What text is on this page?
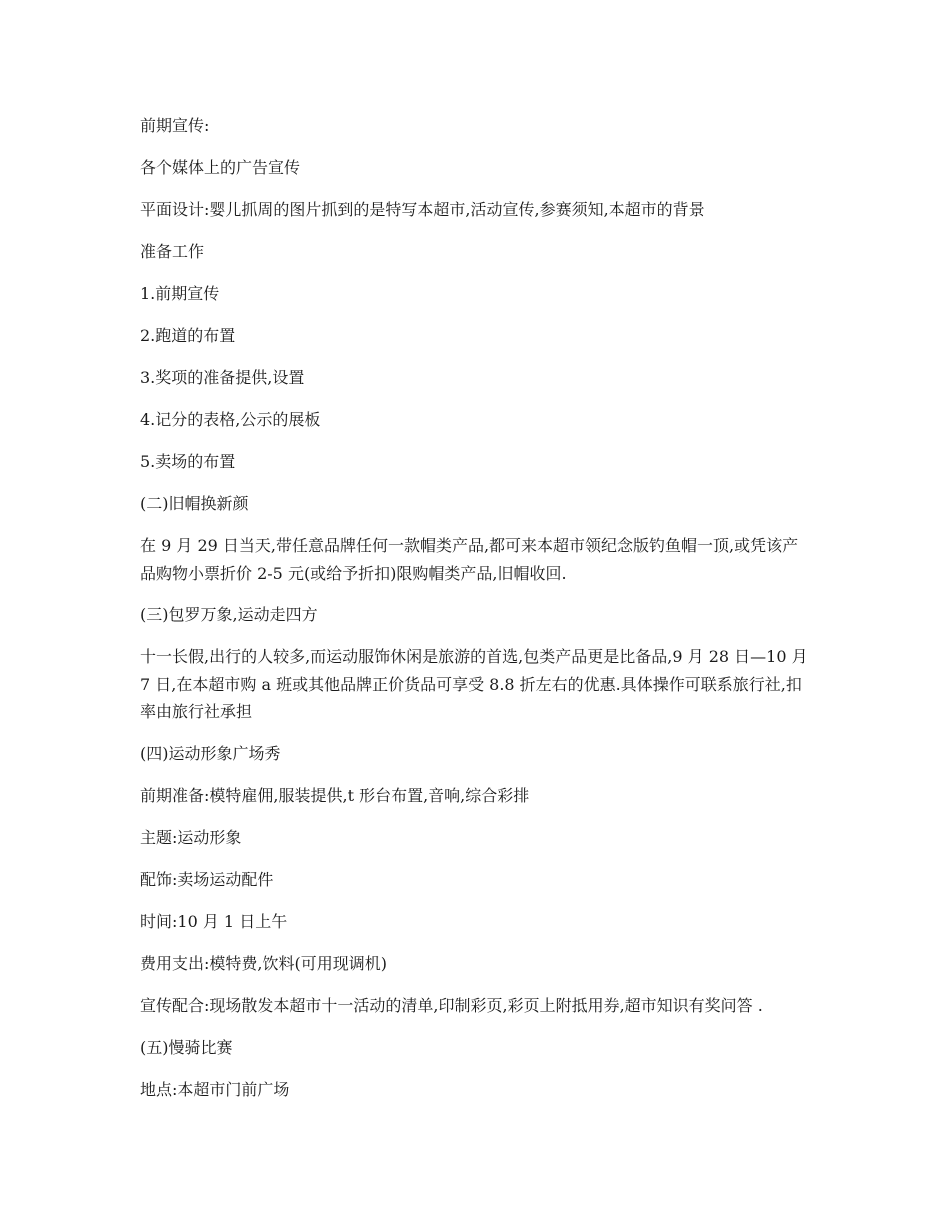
前期宣传:

各个媒体上的广告宣传

平面设计:婴儿抓周的图片抓到的是特写本超市,活动宣传,参赛须知,本超市的背景

准备工作

1.前期宣传

2.跑道的布置

3.奖项的准备提供,设置

4.记分的表格,公示的展板

5.卖场的布置

(二)旧帽换新颜

在 9 月 29 日当天,带任意品牌任何一款帽类产品,都可来本超市领纪念版钓鱼帽一顶,或凭该产品购物小票折价 2-5 元(或给予折扣)限购帽类产品,旧帽收回.

(三)包罗万象,运动走四方

十一长假,出行的人较多,而运动服饰休闲是旅游的首选,包类产品更是比备品,9 月 28 日—10 月 7 日,在本超市购 a 班或其他品牌正价货品可享受 8.8 折左右的优惠.具体操作可联系旅行社,扣率由旅行社承担

(四)运动形象广场秀

前期准备:模特雇佣,服装提供,t 形台布置,音响,综合彩排

主题:运动形象

配饰:卖场运动配件

时间:10 月 1 日上午

费用支出:模特费,饮料(可用现调机)

宣传配合:现场散发本超市十一活动的清单,印制彩页,彩页上附抵用券,超市知识有奖问答 .

(五)慢骑比赛

地点:本超市门前广场
